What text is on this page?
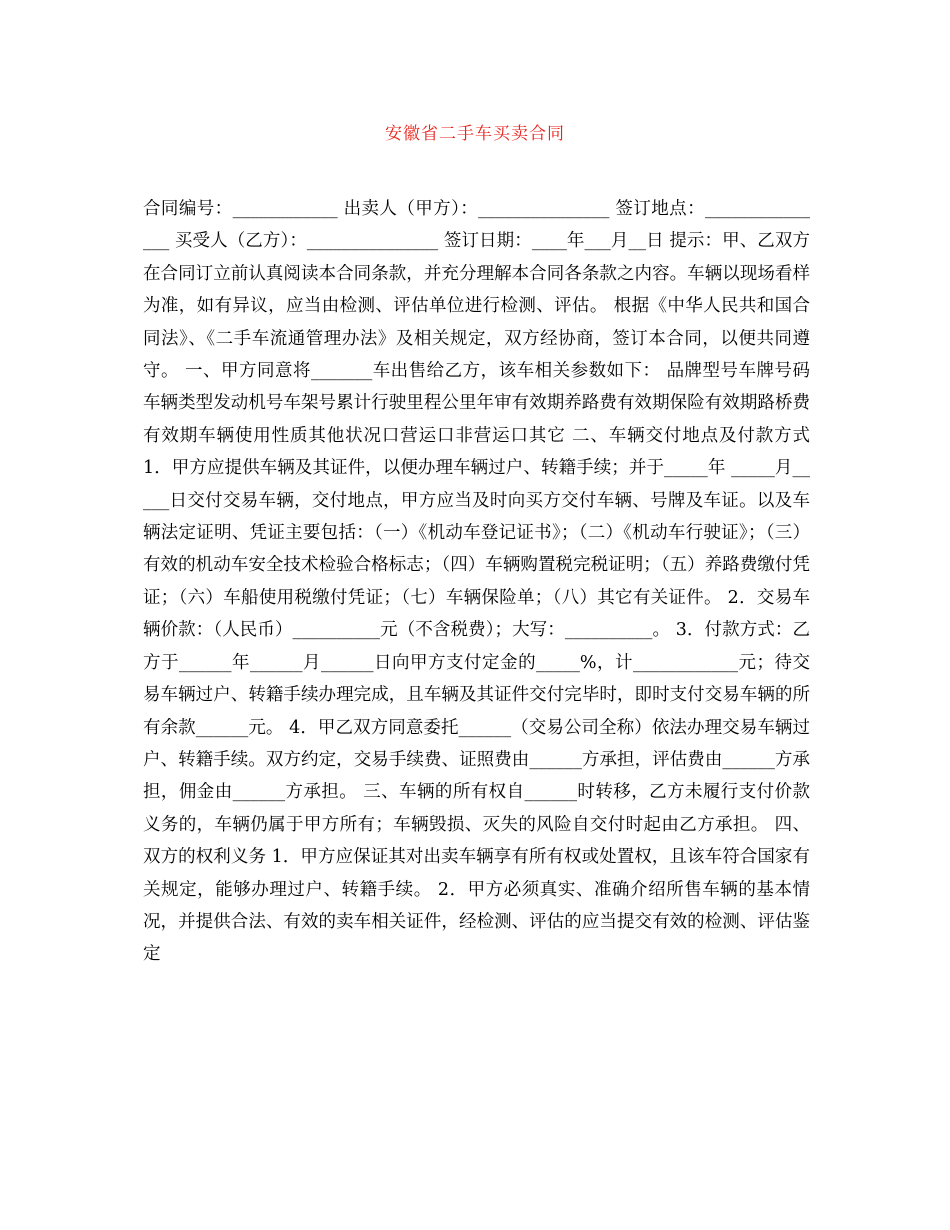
安徽省二手车买卖合同
合同编号：____________ 出卖人（甲方）：_______________ 签订地点：_______________ 买受人（乙方）：_______________ 签订日期：____年___月__日 提示：甲、乙双方在合同订立前认真阅读本合同条款，并充分理解本合同各条款之内容。车辆以现场看样为准，如有异议，应当由检测、评估单位进行检测、评估。 根据《中华人民共和国合同法》、《二手车流通管理办法》及相关规定，双方经协商，签订本合同，以便共同遵守。 一、甲方同意将_______车出售给乙方，该车相关参数如下： 品牌型号车牌号码车辆类型发动机号车架号累计行驶里程公里年审有效期养路费有效期保险有效期路桥费有效期车辆使用性质其他状况口营运口非营运口其它 二、车辆交付地点及付款方式 1．甲方应提供车辆及其证件，以便办理车辆过户、转籍手续；并于_____年 _____月_____日交付交易车辆，交付地点，甲方应当及时向买方交付车辆、号牌及车证。以及车辆法定证明、凭证主要包括：（一）《机动车登记证书》；（二）《机动车行驶证》；（三）有效的机动车安全技术检验合格标志；（四）车辆购置税完税证明；（五）养路费缴付凭证；（六）车船使用税缴付凭证；（七）车辆保险单；（八）其它有关证件。 2．交易车辆价款：（人民币）__________元（不含税费）；大写：__________。 3．付款方式：乙方于______年______月______日向甲方支付定金的_____%，计____________元；待交易车辆过户、转籍手续办理完成，且车辆及其证件交付完毕时，即时支付交易车辆的所有余款______元。 4．甲乙双方同意委托______（交易公司全称）依法办理交易车辆过户、转籍手续。双方约定，交易手续费、证照费由______方承担，评估费由______方承担，佣金由______方承担。 三、车辆的所有权自______时转移，乙方未履行支付价款义务的，车辆仍属于甲方所有；车辆毁损、灭失的风险自交付时起由乙方承担。 四、双方的权利义务 1．甲方应保证其对出卖车辆享有所有权或处置权，且该车符合国家有关规定，能够办理过户、转籍手续。 2．甲方必须真实、准确介绍所售车辆的基本情况，并提供合法、有效的卖车相关证件，经检测、评估的应当提交有效的检测、评估鉴定
